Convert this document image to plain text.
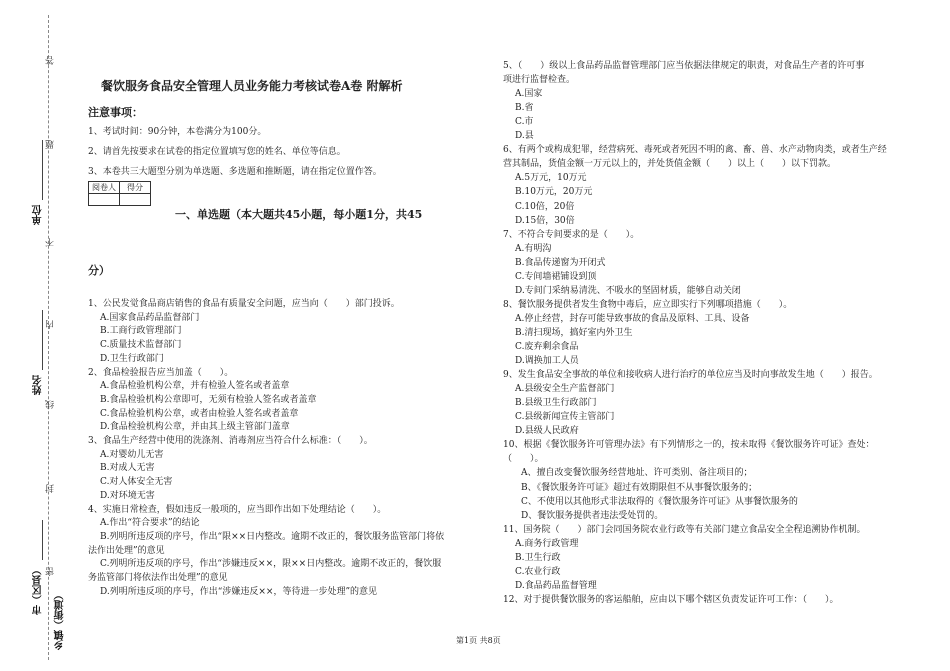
答
题
不
内
线
封
密
单位
姓名
市（区县） 乡镇（街道）
餐饮服务食品安全管理人员业务能力考核试卷A卷 附解析
注意事项：
1、考试时间：90分钟，本卷满分为100分。
2、请首先按要求在试卷的指定位置填写您的姓名、单位等信息。
3、本卷共三大题型分别为单选题、多选题和推断题，请在指定位置作答。
阅卷人	得分

一、单选题（本大题共45小题，每小题1分，共45
分）
1、公民发觉食品商店销售的食品有质量安全问题，应当向（　　）部门投诉。
A.国家食品药品监督部门
B.工商行政管理部门
C.质量技术监督部门
D.卫生行政部门
2、食品检验报告应当加盖（　　）。
A.食品检验机构公章，并有检验人签名或者盖章
B.食品检验机构公章即可，无须有检验人签名或者盖章
C.食品检验机构公章，或者由检验人签名或者盖章
D.食品检验机构公章，并由其上级主管部门盖章
3、食品生产经营中使用的洗涤剂、消毒剂应当符合什么标准：（　　）。
A.对婴幼儿无害
B.对成人无害
C.对人体安全无害
D.对环境无害
4、实施日常检查，假如违反一般项的，应当即作出如下处理结论（　　）。
A.作出“符合要求”的结论
B.列明所违反项的序号，作出“限××日内整改。逾期不改正的，餐饮服务监管部门将依
法作出处理”的意见
C.列明所违反项的序号，作出“涉嫌违反××，限××日内整改。逾期不改正的，餐饮服
务监管部门将依法作出处理”的意见
D.列明所违反项的序号，作出“涉嫌违反××，等待进一步处理”的意见
5、（　　）级以上食品药品监督管理部门应当依据法律规定的职责，对食品生产者的许可事
项进行监督检查。
A.国家
B.省
C.市
D.县
6、有两个或构成犯罪，经营病死、毒死或者死因不明的禽、畜、兽、水产动物肉类，或者生产经
营其制品，货值金额一万元以上的，并处货值金额（　　）以上（　　）以下罚款。
A.5万元，10万元
B.10万元，20万元
C.10倍，20倍
D.15倍，30倍
7、不符合专间要求的是（　　）。
A.有明沟
B.食品传递窗为开闭式
C.专间墙裙铺设到顶
D.专间门采纳易清洗、不吸水的坚固材质，能够自动关闭
8、餐饮服务提供者发生食物中毒后，应立即实行下列哪项措施（　　）。
A.停止经营，封存可能导致事故的食品及原料、工具、设备
B.清扫现场，搞好室内外卫生
C.废弃剩余食品
D.调换加工人员
9、发生食品安全事故的单位和接收病人进行治疗的单位应当及时向事故发生地（　　）报告。
A.县级安全生产监督部门
B.县级卫生行政部门
C.县级新闻宣传主管部门
D.县级人民政府
10、根据《餐饮服务许可管理办法》有下列情形之一的，按未取得《餐饮服务许可证》查处：
（　　）。
A、擅自改变餐饮服务经营地址、许可类别、备注项目的；
B、《餐饮服务许可证》超过有效期限但不从事餐饮服务的；
C、不使用以其他形式非法取得的《餐饮服务许可证》从事餐饮服务的
D、餐饮服务提供者违法受处罚的。
11、国务院（　　）部门会同国务院农业行政等有关部门建立食品安全全程追溯协作机制。
A.商务行政管理
B.卫生行政
C.农业行政
D.食品药品监督管理
12、对于提供餐饮服务的客运船舶，应由以下哪个辖区负责发证许可工作：（　　）。
第1页 共8页
